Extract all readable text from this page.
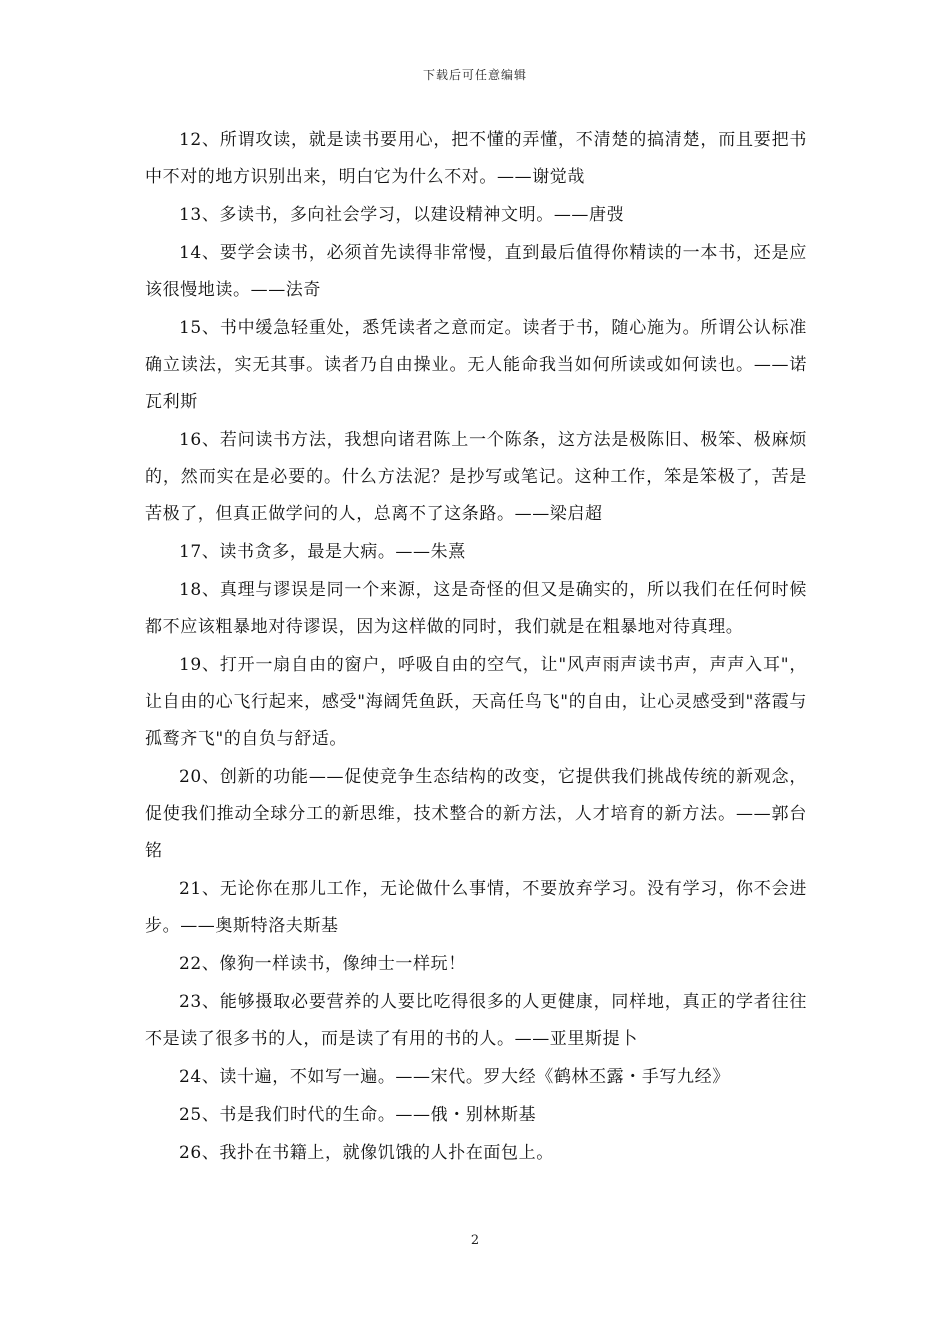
下载后可任意编辑

12、所谓攻读，就是读书要用心，把不懂的弄懂，不清楚的搞清楚，而且要把书中不对的地方识别出来，明白它为什么不对。——谢觉哉

13、多读书，多向社会学习，以建设精神文明。——唐弢

14、要学会读书，必须首先读得非常慢，直到最后值得你精读的一本书，还是应该很慢地读。——法奇

15、书中缓急轻重处，悉凭读者之意而定。读者于书，随心施为。所谓公认标准确立读法，实无其事。读者乃自由操业。无人能命我当如何所读或如何读也。——诺瓦利斯

16、若问读书方法，我想向诸君陈上一个陈条，这方法是极陈旧、极笨、极麻烦的，然而实在是必要的。什么方法泥？是抄写或笔记。这种工作，笨是笨极了，苦是苦极了，但真正做学问的人，总离不了这条路。——梁启超

17、读书贪多，最是大病。——朱熹

18、真理与谬误是同一个来源，这是奇怪的但又是确实的，所以我们在任何时候都不应该粗暴地对待谬误，因为这样做的同时，我们就是在粗暴地对待真理。

19、打开一扇自由的窗户，呼吸自由的空气，让"风声雨声读书声，声声入耳"，让自由的心飞行起来，感受"海阔凭鱼跃，天高任鸟飞"的自由，让心灵感受到"落霞与孤鹜齐飞"的自负与舒适。

20、创新的功能——促使竞争生态结构的改变，它提供我们挑战传统的新观念，促使我们推动全球分工的新思维，技术整合的新方法，人才培育的新方法。——郭台铭

21、无论你在那儿工作，无论做什么事情，不要放弃学习。没有学习，你不会进步。——奥斯特洛夫斯基

22、像狗一样读书，像绅士一样玩！

23、能够摄取必要营养的人要比吃得很多的人更健康，同样地，真正的学者往往不是读了很多书的人，而是读了有用的书的人。——亚里斯提卜

24、读十遍，不如写一遍。——宋代。罗大经《鹤林丕露・手写九经》

25、书是我们时代的生命。——俄・别林斯基

26、我扑在书籍上，就像饥饿的人扑在面包上。

2
